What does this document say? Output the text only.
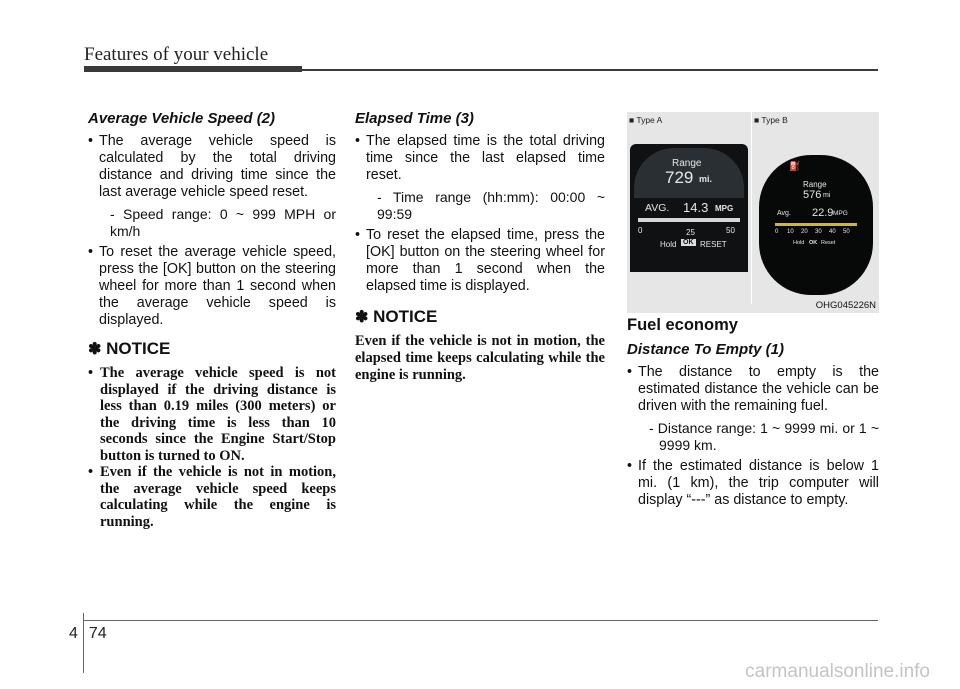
Features of your vehicle
Average Vehicle Speed (2)
• The average vehicle speed is calculated by the total driving distance and driving time since the last average vehicle speed reset.
- Speed range: 0 ~ 999 MPH or km/h
• To reset the average vehicle speed, press the [OK] button on the steering wheel for more than 1 second when the average vehicle speed is displayed.
✽ NOTICE
• The average vehicle speed is not displayed if the driving distance is less than 0.19 miles (300 meters) or the driving time is less than 10 seconds since the Engine Start/Stop button is turned to ON.
• Even if the vehicle is not in motion, the average vehicle speed keeps calculating while the engine is running.
Elapsed Time (3)
• The elapsed time is the total driving time since the last elapsed time reset.
- Time range (hh:mm): 00:00 ~ 99:59
• To reset the elapsed time, press the [OK] button on the steering wheel for more than 1 second when the elapsed time is displayed.
✽ NOTICE

Even if the vehicle is not in motion, the elapsed time keeps calculating while the engine is running.

■ Type A	■ Type B
Range
729 mi.
AVG. 14.3 MPG
0	25	50
Hold OK RESET
⛽
Range
576 mi
Avg. 22.9 MPG
0 10 20 30 40 50
Hold OK Reset
OHG045226N
Fuel economy
Distance To Empty (1)
• The distance to empty is the estimated distance the vehicle can be driven with the remaining fuel.
- Distance range: 1 ~ 9999 mi. or 1 ~ 9999 km.
• If the estimated distance is below 1 mi. (1 km), the trip computer will display “---” as distance to empty.
4 74
carmanualsonline.info
